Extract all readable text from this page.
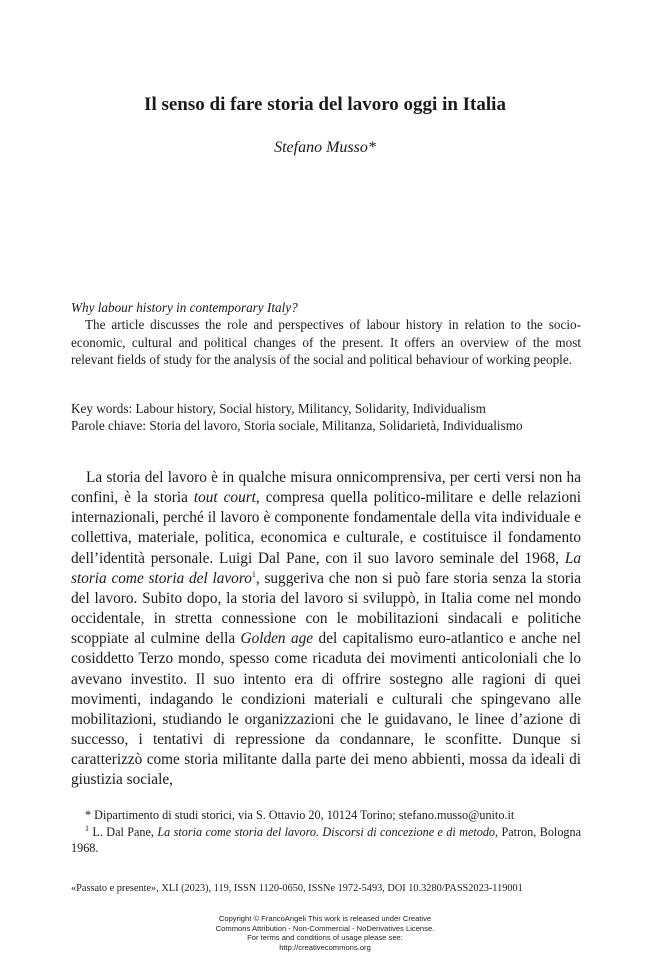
Il senso di fare storia del lavoro oggi in Italia
Stefano Musso*
Why labour history in contemporary Italy?

The article discusses the role and perspectives of labour history in relation to the socio-economic, cultural and political changes of the present. It offers an overview of the most relevant fields of study for the analysis of the social and political behaviour of working people.

Key words: Labour history, Social history, Militancy, Solidarity, Individualism
Parole chiave: Storia del lavoro, Storia sociale, Militanza, Solidarietà, Individualismo

La storia del lavoro è in qualche misura onnicomprensiva, per certi versi non ha confini, è la storia tout court, compresa quella politico-militare e delle relazioni internazionali, perché il lavoro è componente fondamentale della vita individuale e collettiva, materiale, politica, economica e culturale, e costituisce il fondamento dell’identità personale. Luigi Dal Pane, con il suo lavoro seminale del 1968, La storia come storia del lavoro$^1$, suggeriva che non si può fare storia senza la storia del lavoro. Subito dopo, la storia del lavoro si sviluppò, in Italia come nel mondo occidentale, in stretta connessione con le mobilitazioni sindacali e politiche scoppiate al culmine della Golden age del capitalismo euro-atlantico e anche nel cosiddetto Terzo mondo, spesso come ricaduta dei movimenti anticoloniali che lo avevano investito. Il suo intento era di offrire sostegno alle ragioni di quei movimenti, indagando le condizioni materiali e culturali che spingevano alle mobilitazioni, studiando le organizzazioni che le guidavano, le linee d’azione di successo, i tentativi di repressione da condannare, le sconfitte. Dunque si caratterizzò come storia militante dalla parte dei meno abbienti, mossa da ideali di giustizia sociale,

* Dipartimento di studi storici, via S. Ottavio 20, 10124 Torino; stefano.musso@unito.it

$^1$ L. Dal Pane, La storia come storia del lavoro. Discorsi di concezione e di metodo, Patron, Bologna 1968.

«Passato e presente», XLI (2023), 119, ISSN 1120-0650, ISSNe 1972-5493, DOI 10.3280/PASS2023-119001
Copyright © FrancoAngeli This work is released under Creative
Commons Attribution - Non-Commercial - NoDerivatives License.
For terms and conditions of usage please see:
http://creativecommons.org
